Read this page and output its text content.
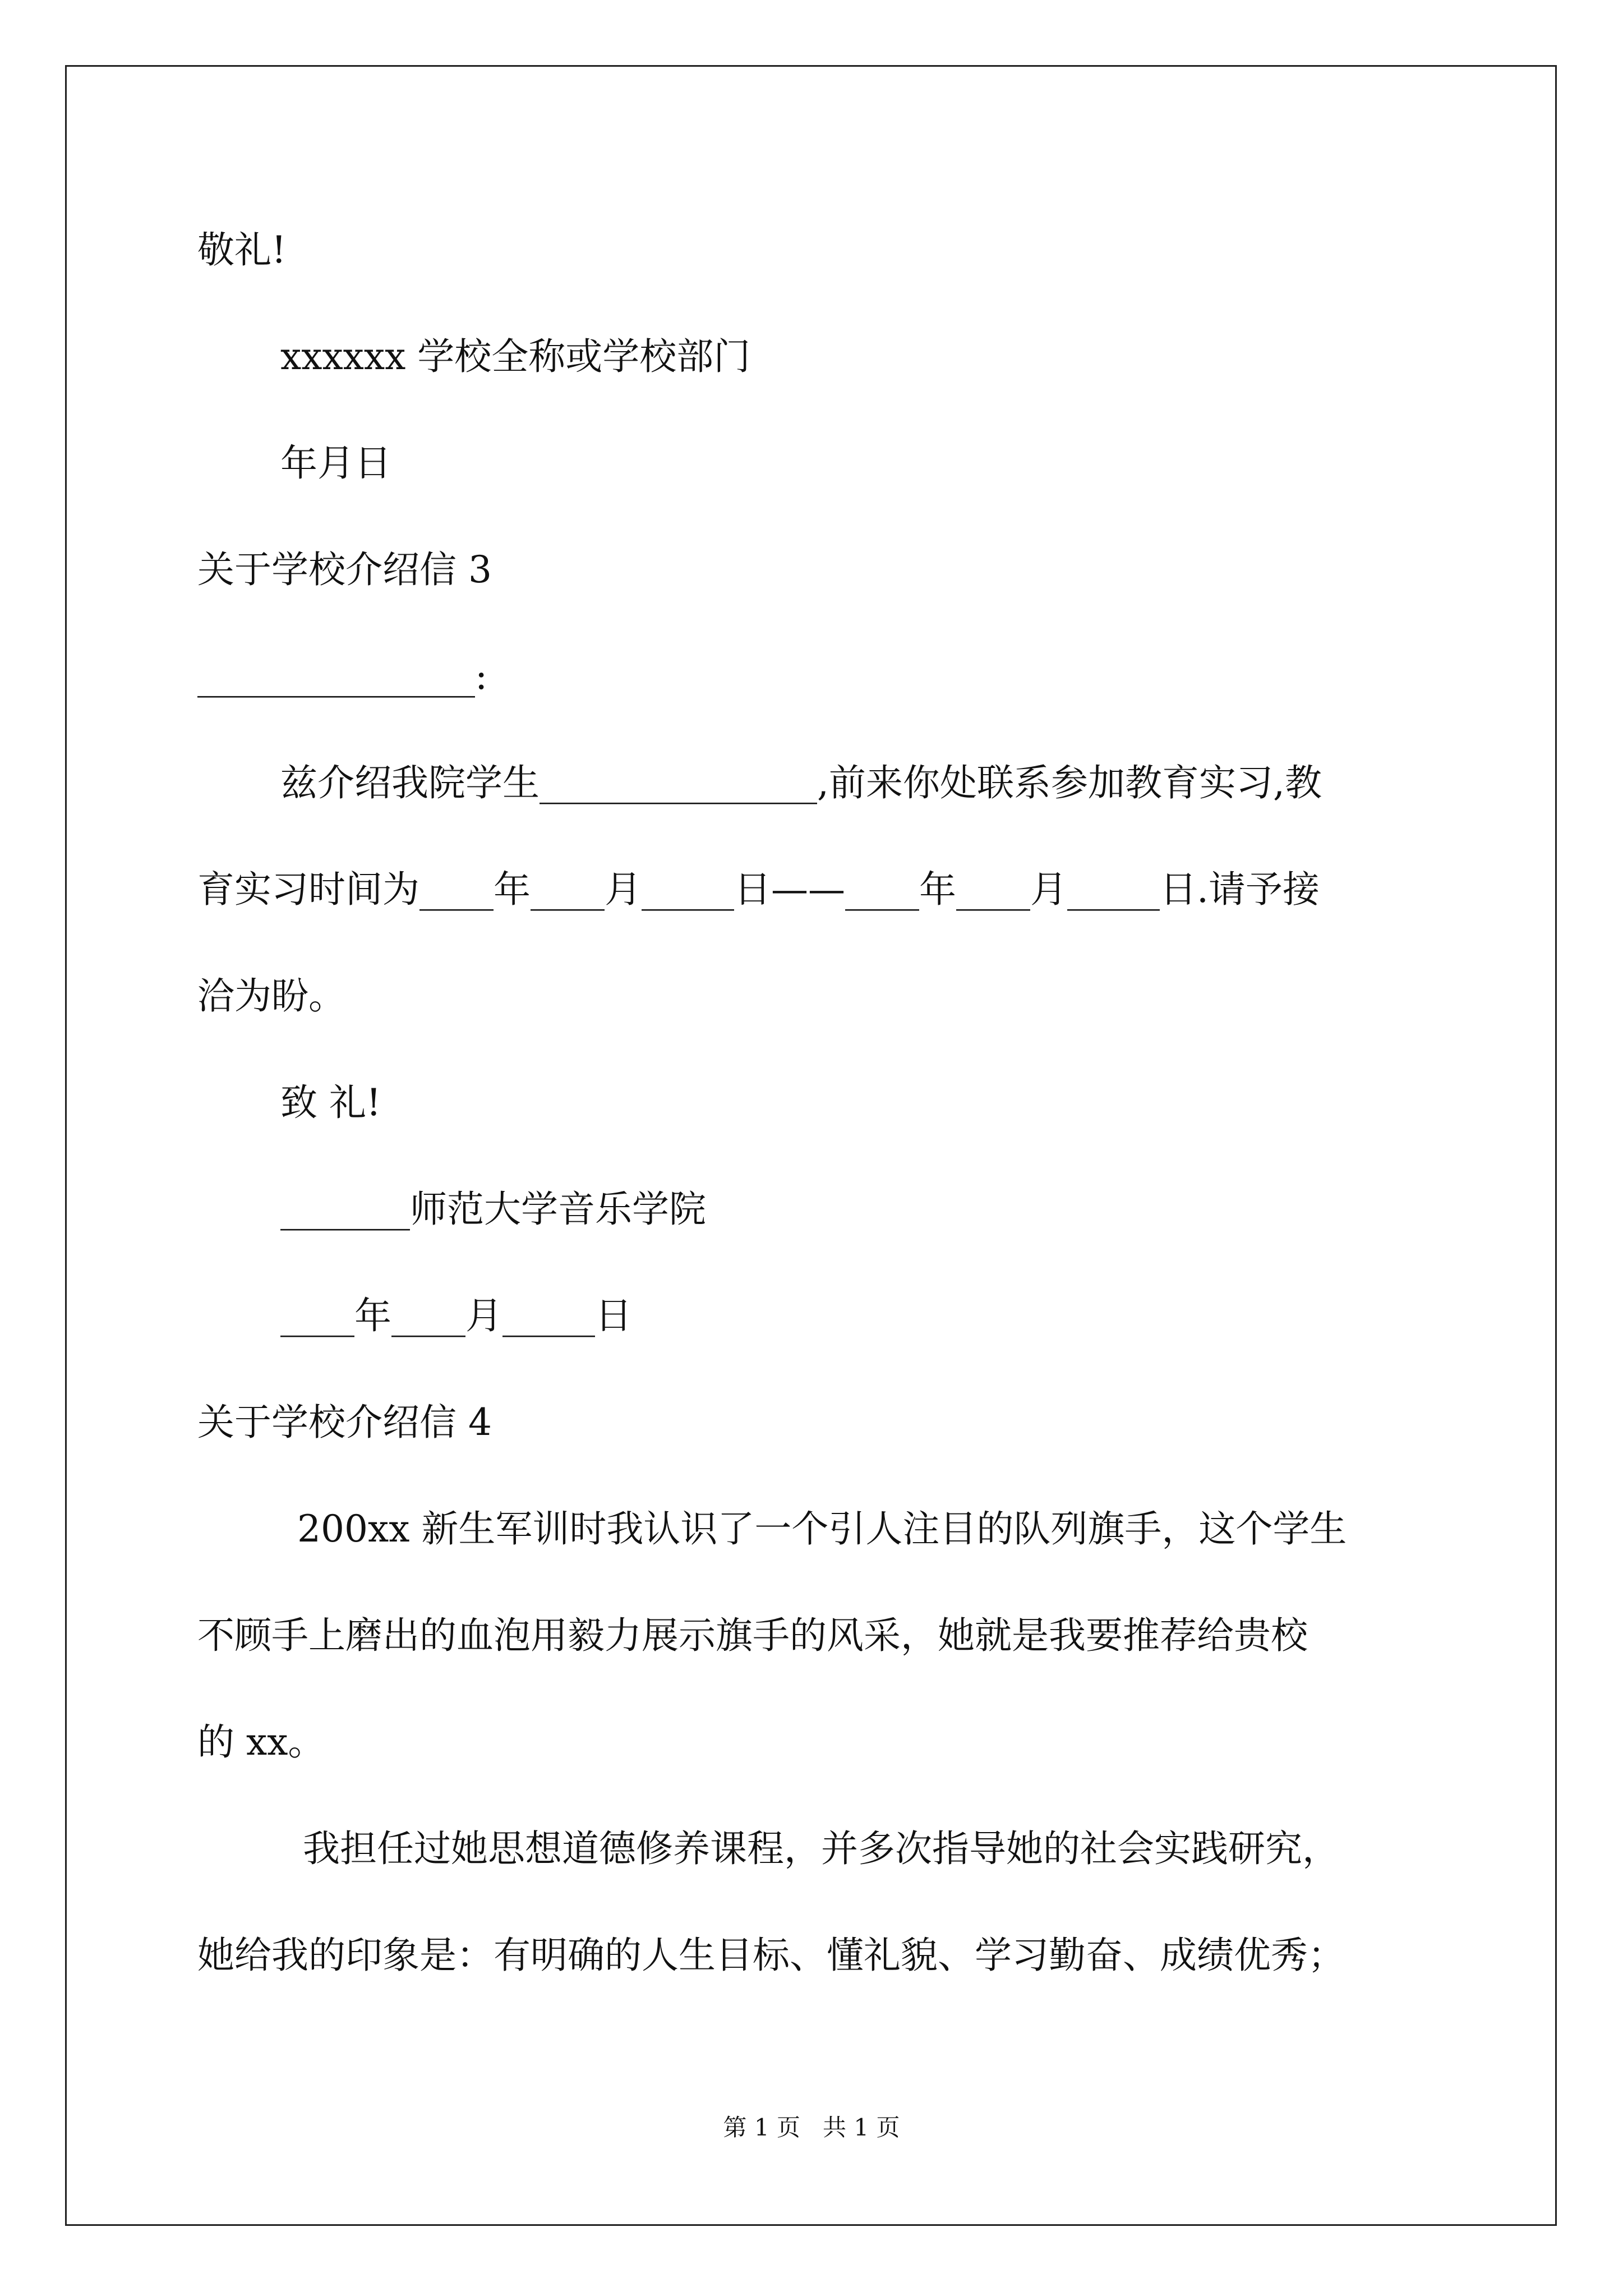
敬礼!

xxxxxx 学校全称或学校部门

年月日

关于学校介绍信 3

_______________:

兹介绍我院学生_______________,前来你处联系参加教育实习,教

育实习时间为____年____月_____日——____年____月_____日.请予接

洽为盼。

致 礼!

_______师范大学音乐学院

____年____月_____日

关于学校介绍信 4

200xx 新生军训时我认识了一个引人注目的队列旗手，这个学生

不顾手上磨出的血泡用毅力展示旗手的风采，她就是我要推荐给贵校

的 xx。

我担任过她思想道德修养课程，并多次指导她的社会实践研究，

她给我的印象是：有明确的人生目标、懂礼貌、学习勤奋、成绩优秀；

第 1 页   共 1 页
